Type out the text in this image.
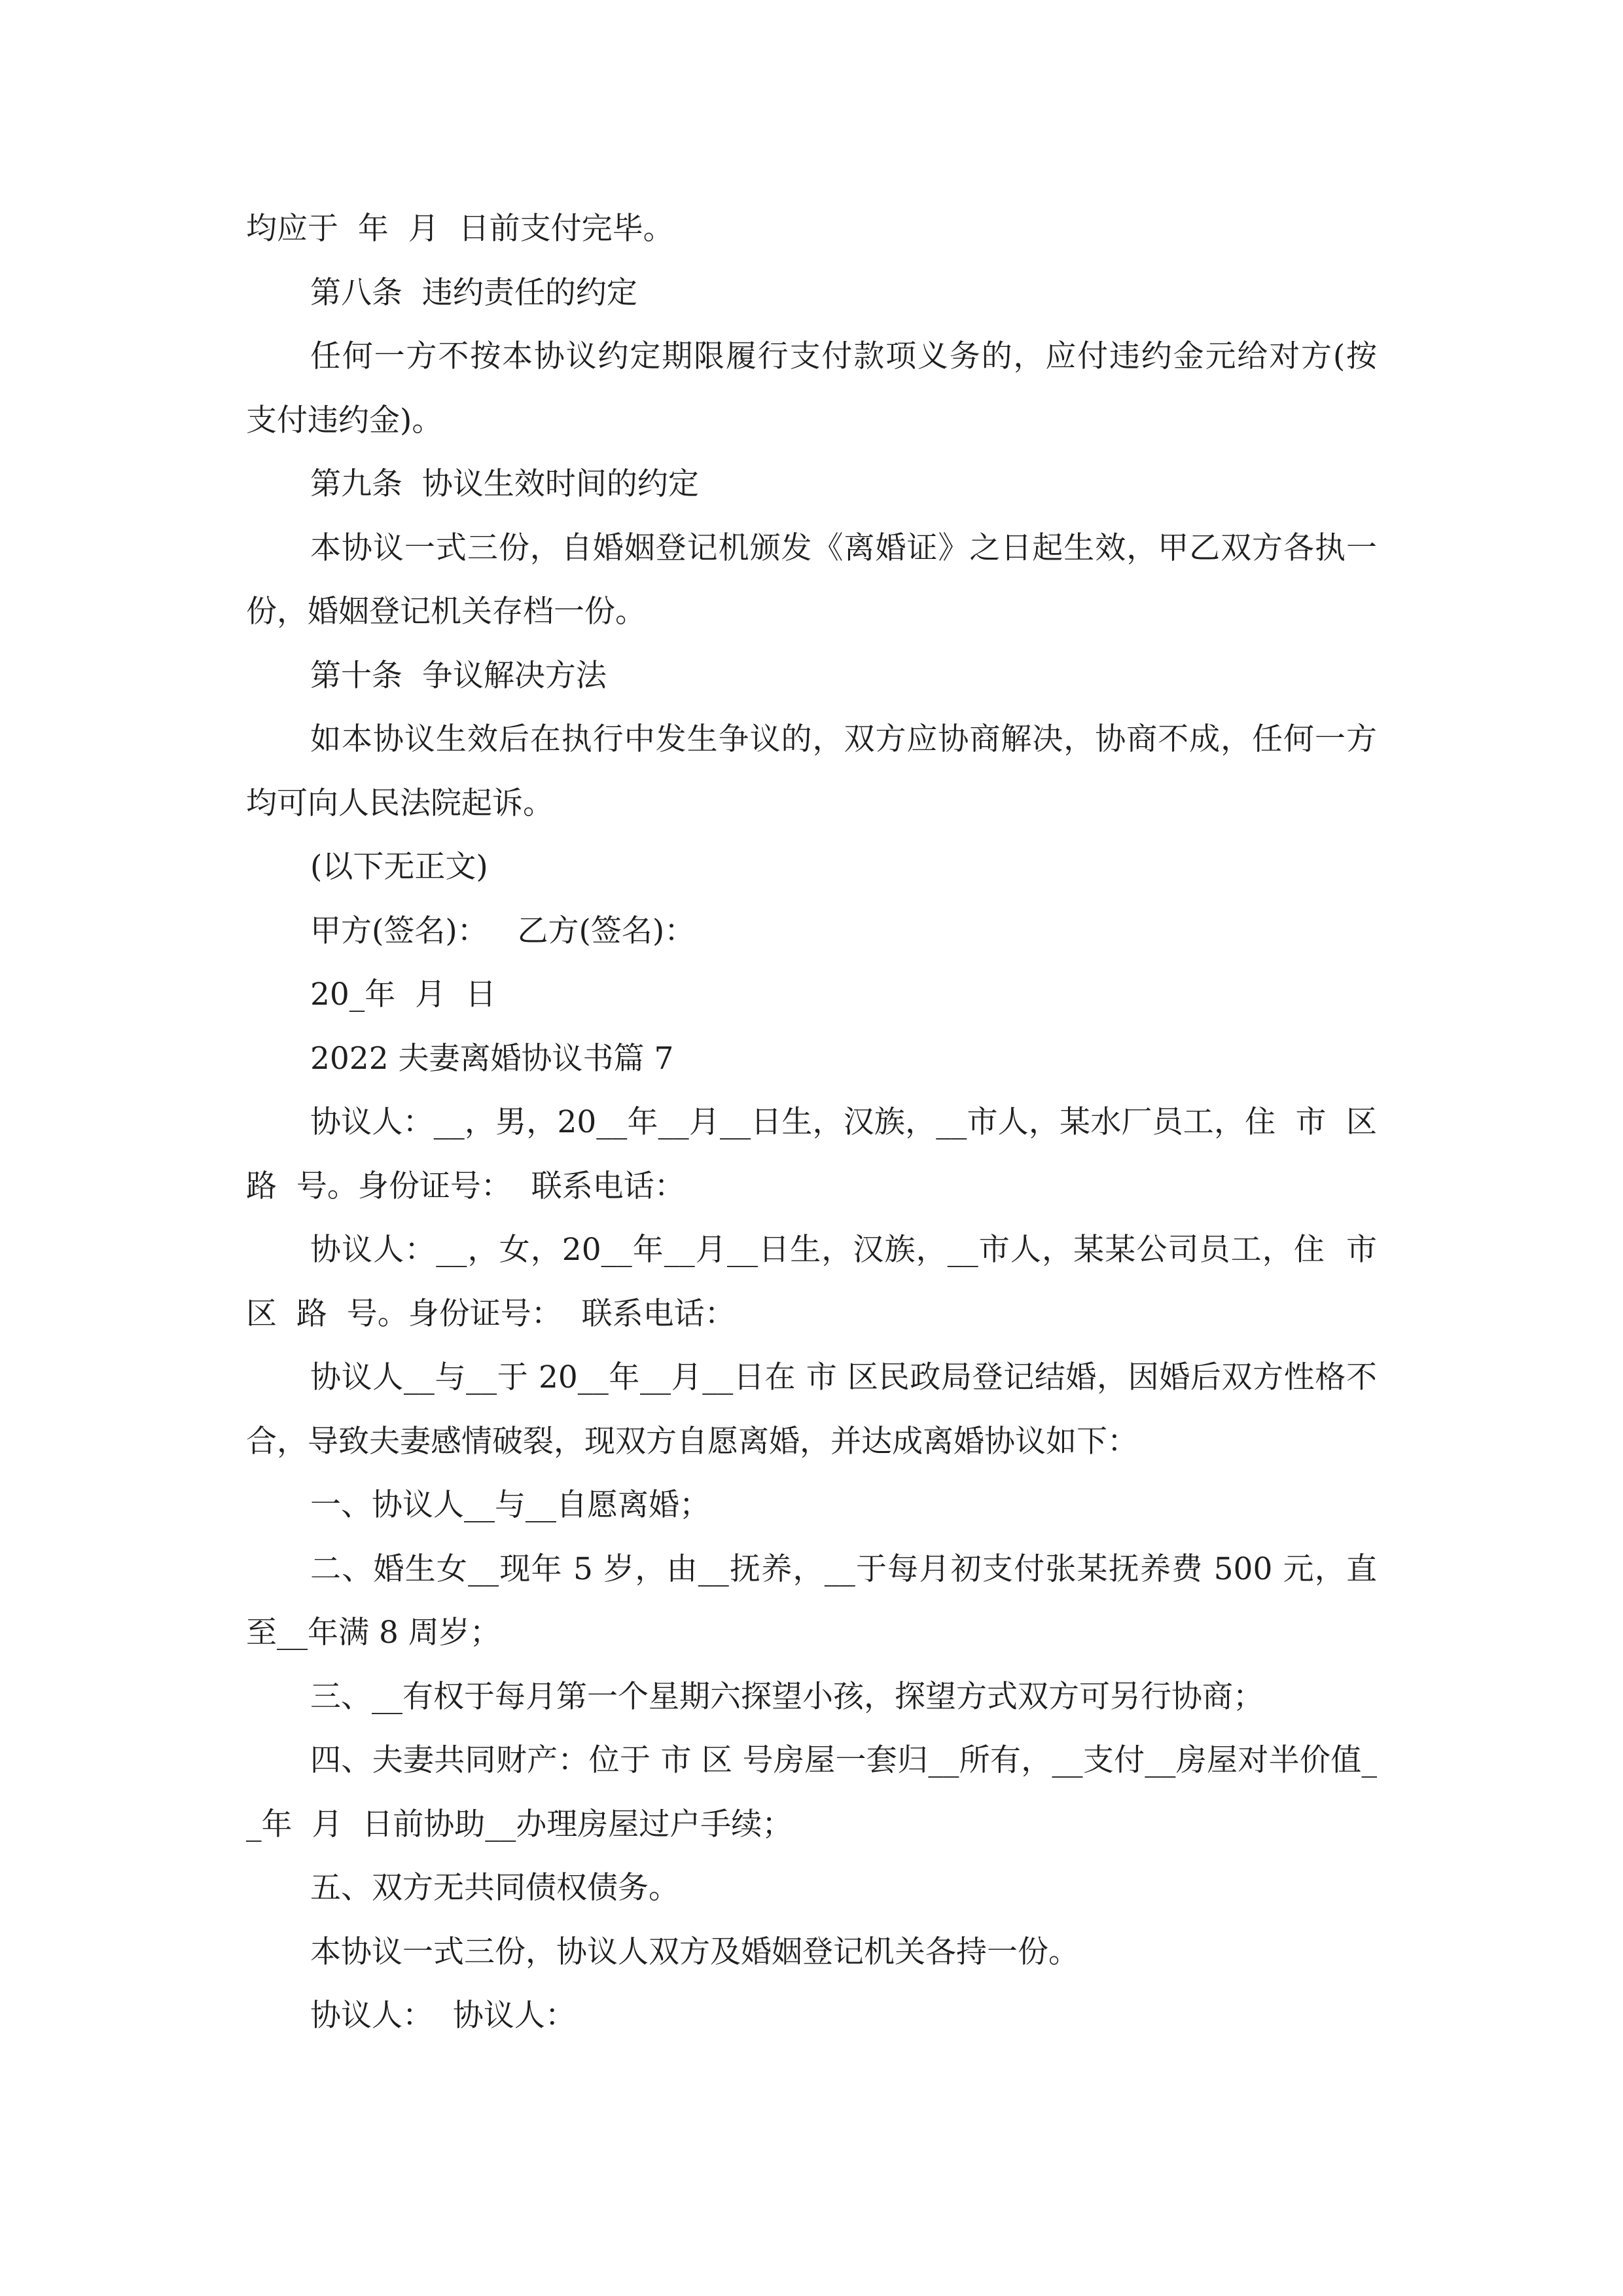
均应于  年  月  日前支付完毕。

第八条  违约责任的约定

任何一方不按本协议约定期限履行支付款项义务的，应付违约金元给对方(按  支付违约金)。

第九条  协议生效时间的约定

本协议一式三份，自婚姻登记机颁发《离婚证》之日起生效，甲乙双方各执一份，婚姻登记机关存档一份。

第十条  争议解决方法

如本协议生效后在执行中发生争议的，双方应协商解决，协商不成，任何一方均可向人民法院起诉。

(以下无正文)

甲方(签名)：   乙方(签名)：

20_年  月  日

2022 夫妻离婚协议书篇 7

协议人：__，男，20__年__月__日生，汉族，__市人，某水厂员工，住  市  区  路  号。身份证号：  联系电话：

协议人：__，女，20__年__月__日生，汉族，__市人，某某公司员工，住  市  区  路  号。身份证号：  联系电话：

协议人__与__于 20__年__月__日在 市 区民政局登记结婚，因婚后双方性格不合，导致夫妻感情破裂，现双方自愿离婚，并达成离婚协议如下：

一、协议人__与__自愿离婚；

二、婚生女__现年 5 岁，由__抚养，__于每月初支付张某抚养费 500 元，直至__年满 8 周岁；

三、__有权于每月第一个星期六探望小孩，探望方式双方可另行协商；

四、夫妻共同财产：位于 市 区 号房屋一套归__所有，__支付__房屋对半价值__年  月  日前协助__办理房屋过户手续；

五、双方无共同债权债务。

本协议一式三份，协议人双方及婚姻登记机关各持一份。

协议人：  协议人：
